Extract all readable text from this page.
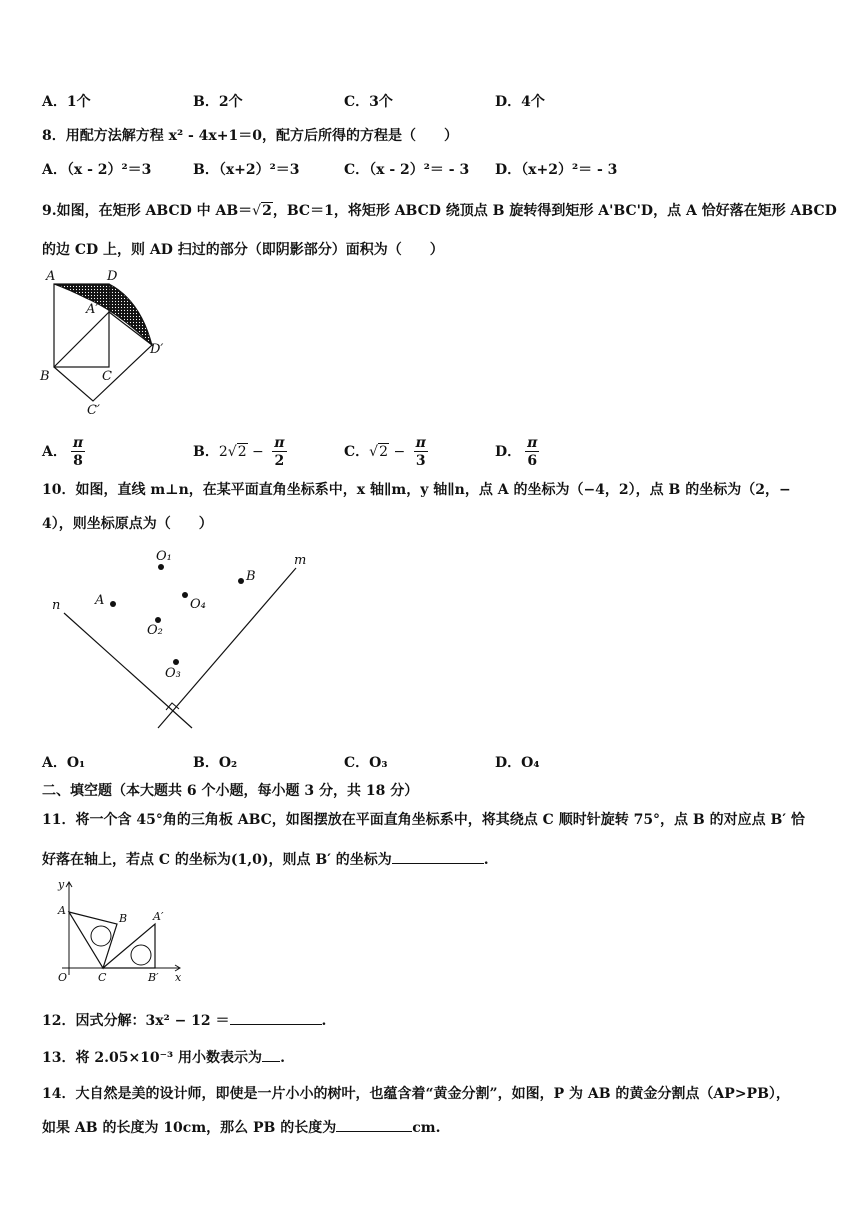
A．1个	B．2个	C．3个	D．4个
8．用配方法解方程 x² - 4x+1＝0，配方后所得的方程是（　　）
A．（x - 2）²＝3	B．（x+2）²＝3	C．（x - 2）²＝ - 3 D．（x+2）²＝ - 3
9.如图，在矩形 ABCD 中 AB＝√2，BC＝1，将矩形 ABCD 绕顶点 B 旋转得到矩形 A'BC'D，点 A 恰好落在矩形 ABCD
的边 CD 上，则 AD 扫过的部分（即阴影部分）面积为（　　）
A	D
A′
D′
B	C
C′
A． $\frac{\pi}{8}$	B．$2√2 - \frac{\pi}{2}$	C．$√2 - \frac{\pi}{3}$	D． $\frac{\pi}{6}$
10．如图，直线 m⊥n，在某平面直角坐标系中，x 轴∥m，y 轴∥n，点 A 的坐标为（−4，2），点 B 的坐标为（2，−
4），则坐标原点为（　　）
O₁
B
m
n	A	O₄
O₂
O₃
A．O₁	B．O₂	C．O₃	D．O₄
二、填空题（本大题共 6 个小题，每小题 3 分，共 18 分）
11．将一个含 45°角的三角板 ABC，如图摆放在平面直角坐标系中，将其绕点 C 顺时针旋转 75°，点 B 的对应点 B′ 恰
好落在轴上，若点 C 的坐标为(1,0)，则点 B′ 的坐标为	.
y
A
B A′
O	C	B′ x
12．因式分解：3x² − 12 ＝	.
13．将 2.05×10⁻³ 用小数表示为 .
14．大自然是美的设计师，即使是一片小小的树叶，也蕴含着“黄金分割”，如图，P 为 AB 的黄金分割点（AP>PB），
如果 AB 的长度为 10cm，那么 PB 的长度为	cm.
